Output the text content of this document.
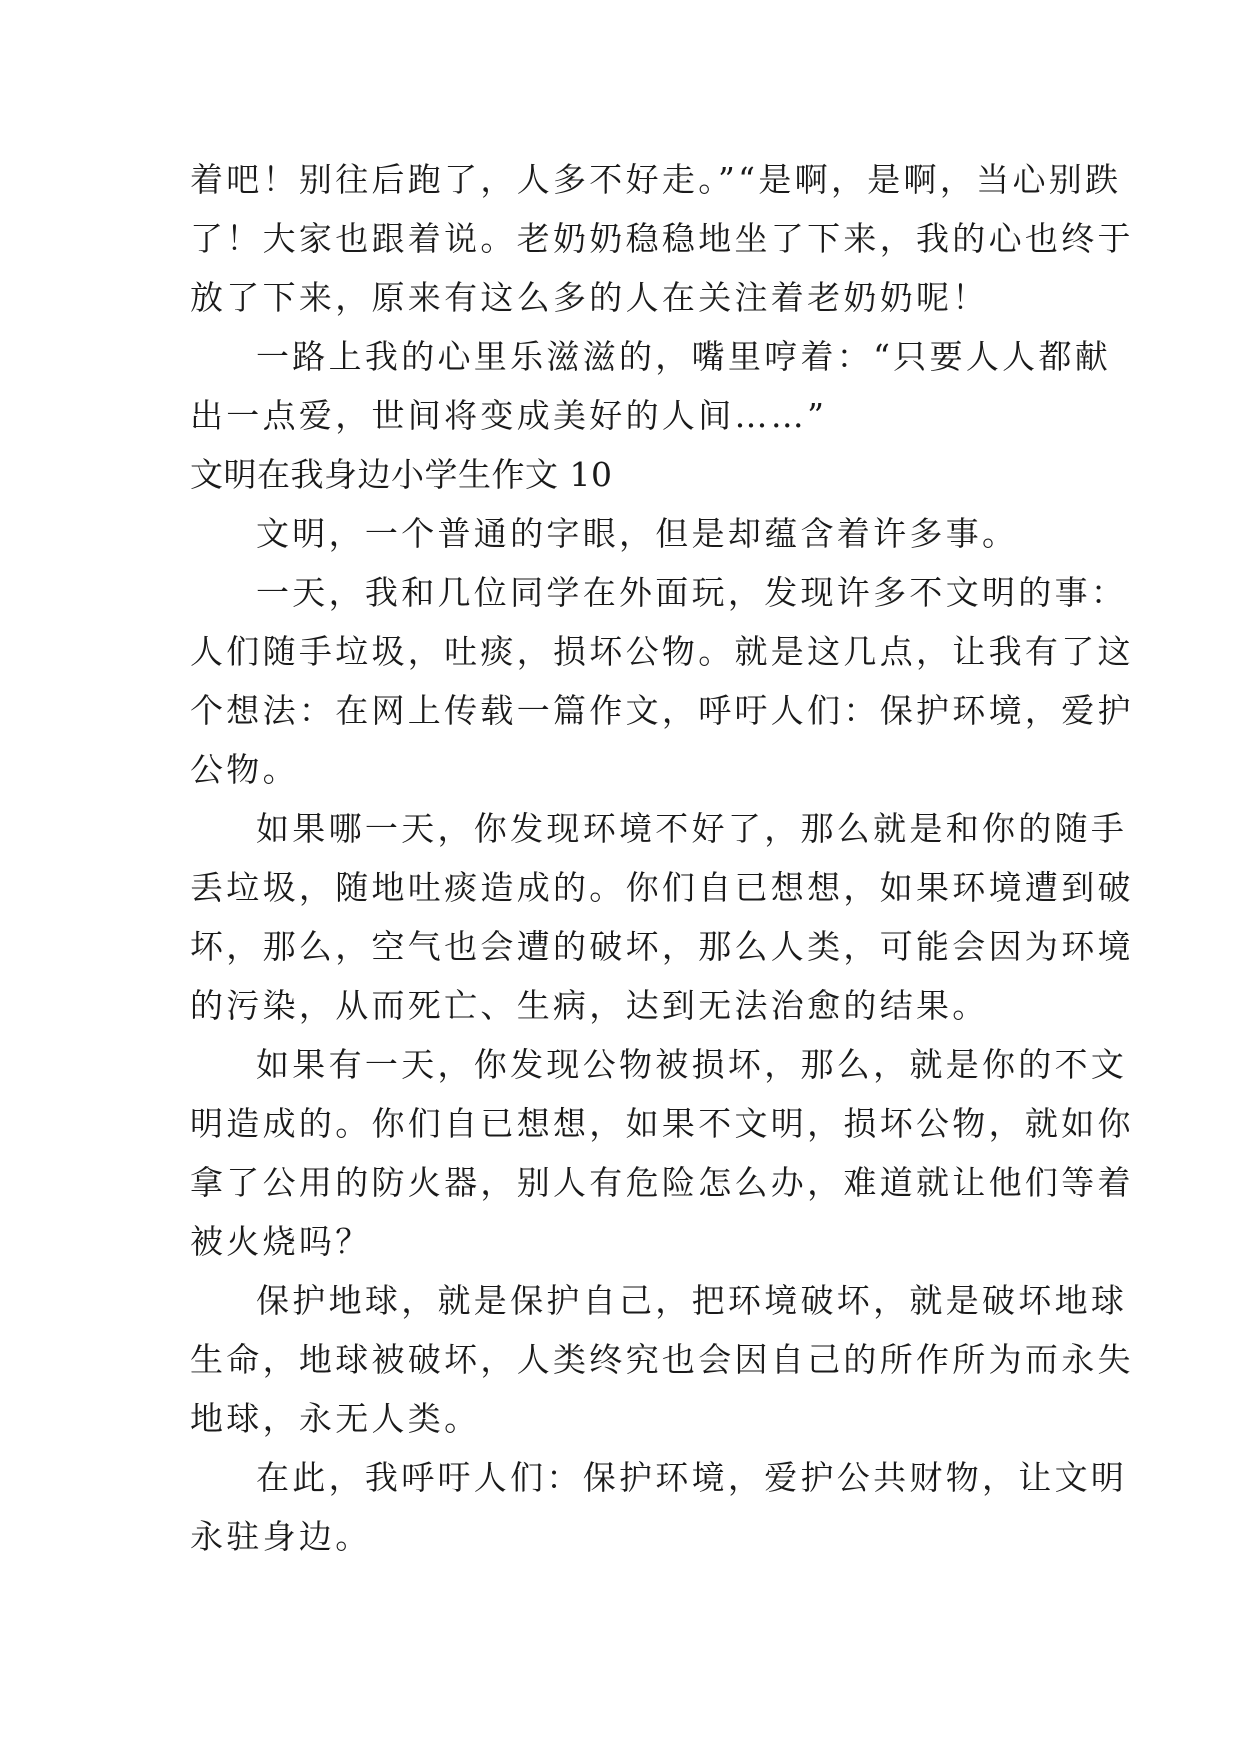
着吧！别往后跑了，人多不好走。”“是啊，是啊，当心别跌
了！大家也跟着说。老奶奶稳稳地坐了下来，我的心也终于
放了下来，原来有这么多的人在关注着老奶奶呢！
一路上我的心里乐滋滋的，嘴里哼着：“只要人人都献
出一点爱，世间将变成美好的人间……”
文明在我身边小学生作文 10
文明，一个普通的字眼，但是却蕴含着许多事。
一天，我和几位同学在外面玩，发现许多不文明的事：
人们随手垃圾，吐痰，损坏公物。就是这几点，让我有了这
个想法：在网上传载一篇作文，呼吁人们：保护环境，爱护
公物。
如果哪一天，你发现环境不好了，那么就是和你的随手
丢垃圾，随地吐痰造成的。你们自已想想，如果环境遭到破
坏，那么，空气也会遭的破坏，那么人类，可能会因为环境
的污染，从而死亡、生病，达到无法治愈的结果。
如果有一天，你发现公物被损坏，那么，就是你的不文
明造成的。你们自已想想，如果不文明，损坏公物，就如你
拿了公用的防火器，别人有危险怎么办，难道就让他们等着
被火烧吗？
保护地球，就是保护自己，把环境破坏，就是破坏地球
生命，地球被破坏，人类终究也会因自己的所作所为而永失
地球，永无人类。
在此，我呼吁人们：保护环境，爱护公共财物，让文明
永驻身边。
